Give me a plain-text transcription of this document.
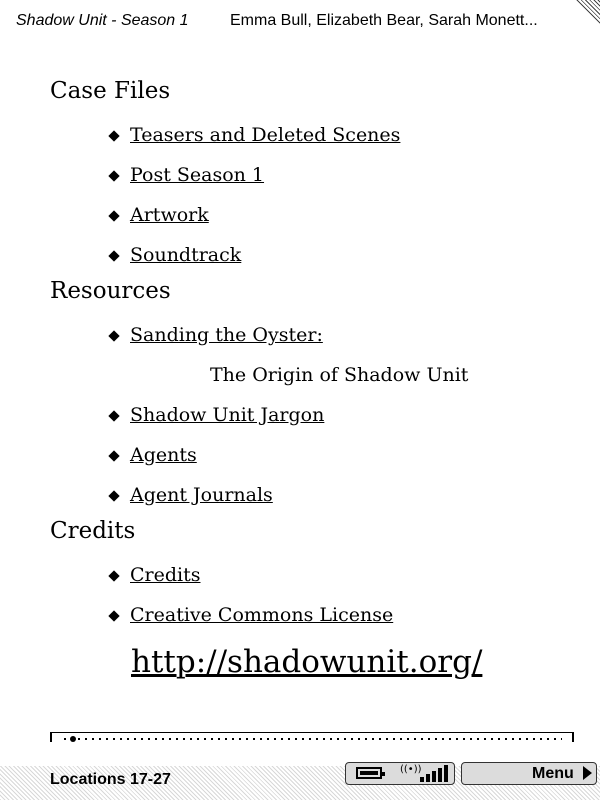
Shadow Unit - Season 1	Emma Bull, Elizabeth Bear, Sarah Monett...
Case Files
Teasers and Deleted Scenes
Post Season 1
Artwork
Soundtrack
Resources
Sanding the Oyster:
The Origin of Shadow Unit
Shadow Unit Jargon
Agents
Agent Journals
Credits
Credits
Creative Commons License
http://shadowunit.org/
Locations 17-27
((•))	Menu
